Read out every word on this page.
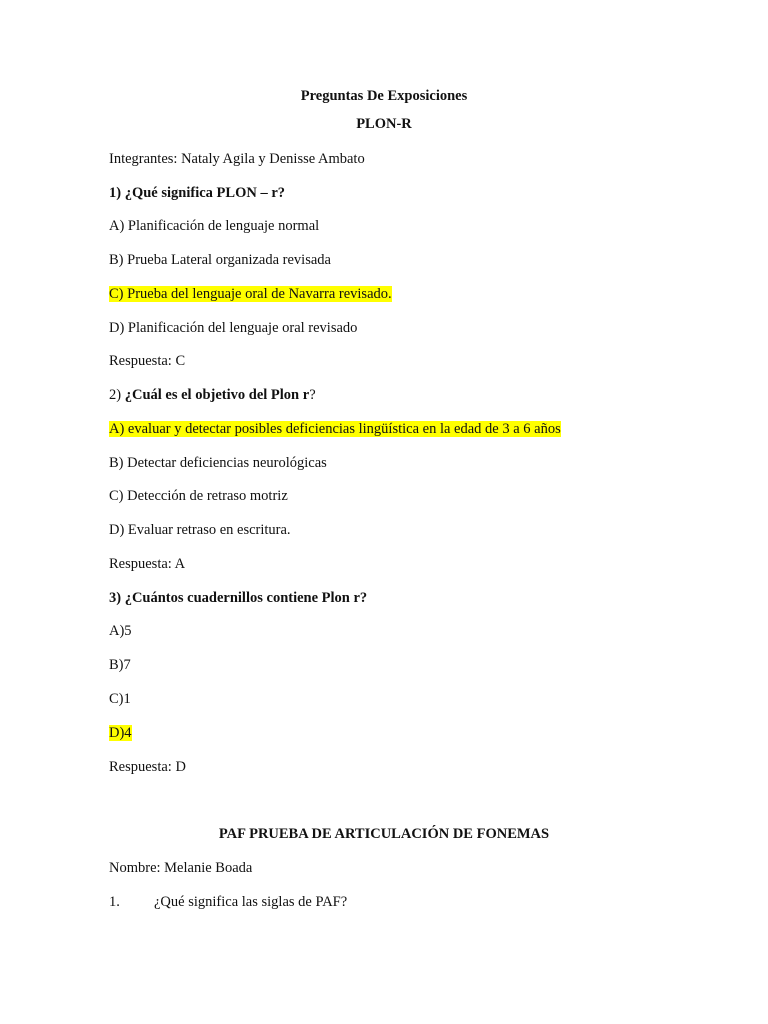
Preguntas De Exposiciones
PLON-R
Integrantes: Nataly Agila y Denisse Ambato
1) ¿Qué significa PLON – r?
A) Planificación de lenguaje normal
B) Prueba Lateral organizada revisada
C) Prueba del lenguaje oral de Navarra revisado.
D) Planificación del lenguaje oral revisado
Respuesta: C
2) ¿Cuál es el objetivo del Plon r?
A) evaluar y detectar posibles deficiencias lingüística en la edad de 3 a 6 años
B) Detectar deficiencias neurológicas
C) Detección de retraso motriz
D) Evaluar retraso en escritura.
Respuesta: A
3) ¿Cuántos cuadernillos contiene Plon r?
A)5
B)7
C)1
D)4
Respuesta: D
PAF PRUEBA DE ARTICULACIÓN DE FONEMAS
Nombre: Melanie Boada
1. ¿Qué significa las siglas de PAF?
